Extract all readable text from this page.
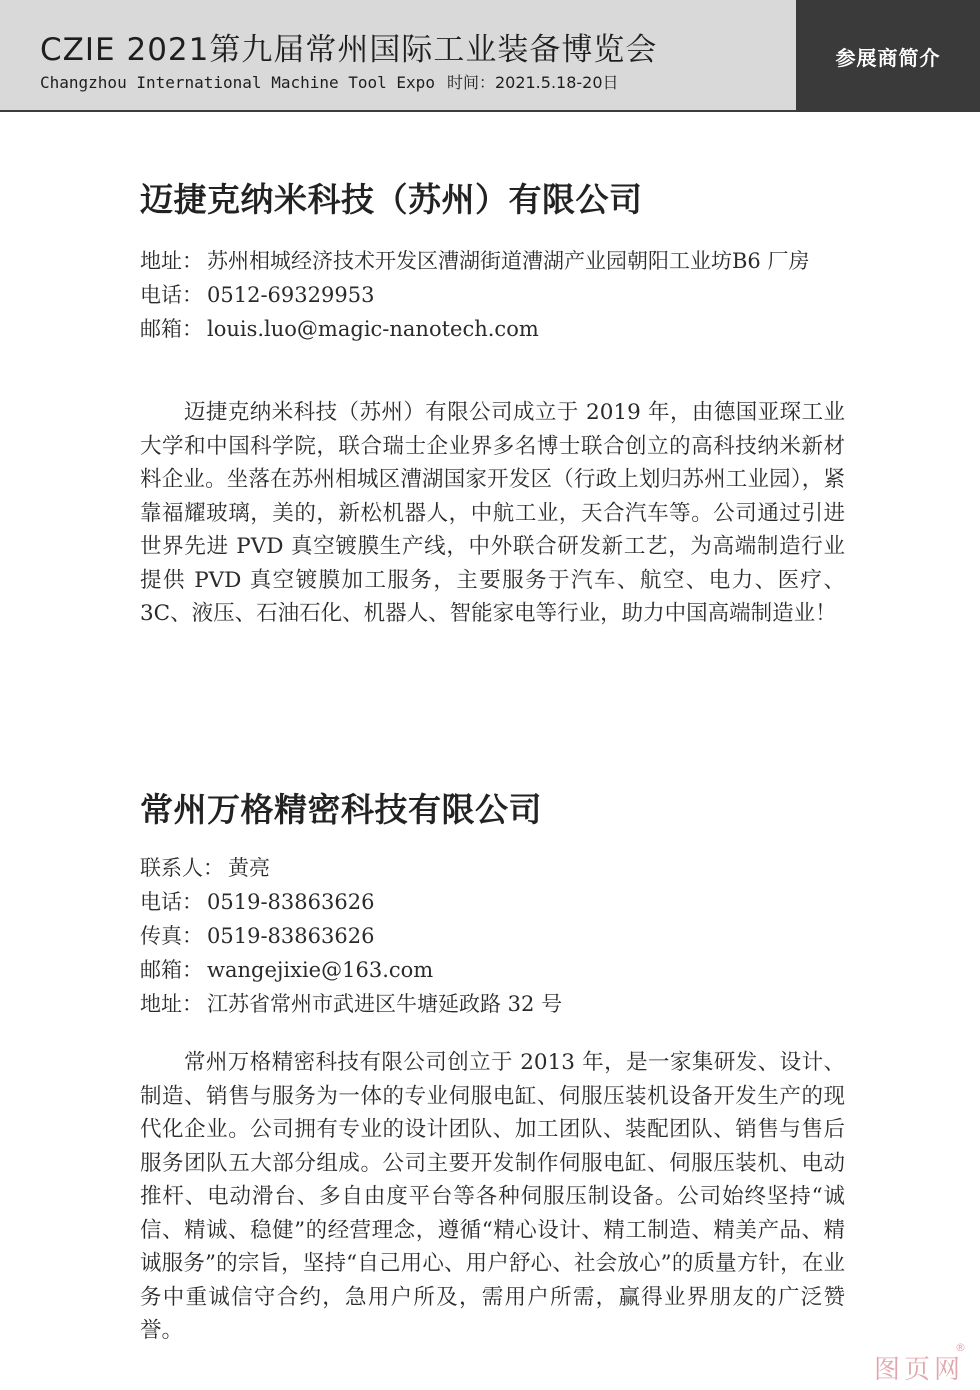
CZIE 2021第九届常州国际工业装备博览会
Changzhou International Machine Tool Expo 时间：2021.5.18-20日
参展商简介
迈捷克纳米科技（苏州）有限公司
地址： 苏州相城经济技术开发区漕湖街道漕湖产业园朝阳工业坊B6 厂房
电话： 0512-69329953
邮箱： louis.luo@magic-nanotech.com
迈捷克纳米科技（苏州）有限公司成立于 2019 年，由德国亚琛工业大学和中国科学院，联合瑞士企业界多名博士联合创立的高科技纳米新材料企业。坐落在苏州相城区漕湖国家开发区（行政上划归苏州工业园），紧靠福耀玻璃，美的，新松机器人，中航工业，天合汽车等。公司通过引进世界先进 PVD 真空镀膜生产线，中外联合研发新工艺，为高端制造行业提供 PVD 真空镀膜加工服务，主要服务于汽车、航空、电力、医疗、3C、液压、石油石化、机器人、智能家电等行业，助力中国高端制造业！
常州万格精密科技有限公司
联系人： 黄亮
电话： 0519-83863626
传真： 0519-83863626
邮箱： wangejixie@163.com
地址： 江苏省常州市武进区牛塘延政路 32 号
常州万格精密科技有限公司创立于 2013 年，是一家集研发、设计、制造、销售与服务为一体的专业伺服电缸、伺服压装机设备开发生产的现代化企业。公司拥有专业的设计团队、加工团队、装配团队、销售与售后服务团队五大部分组成。公司主要开发制作伺服电缸、伺服压装机、电动推杆、电动滑台、多自由度平台等各种伺服压制设备。公司始终坚持“诚信、精诚、稳健”的经营理念，遵循“精心设计、精工制造、精美产品、精诚服务”的宗旨，坚持“自己用心、用户舒心、社会放心”的质量方针，在业务中重诚信守合约，急用户所及，需用户所需，赢得业界朋友的广泛赞誉。
图页网
®
